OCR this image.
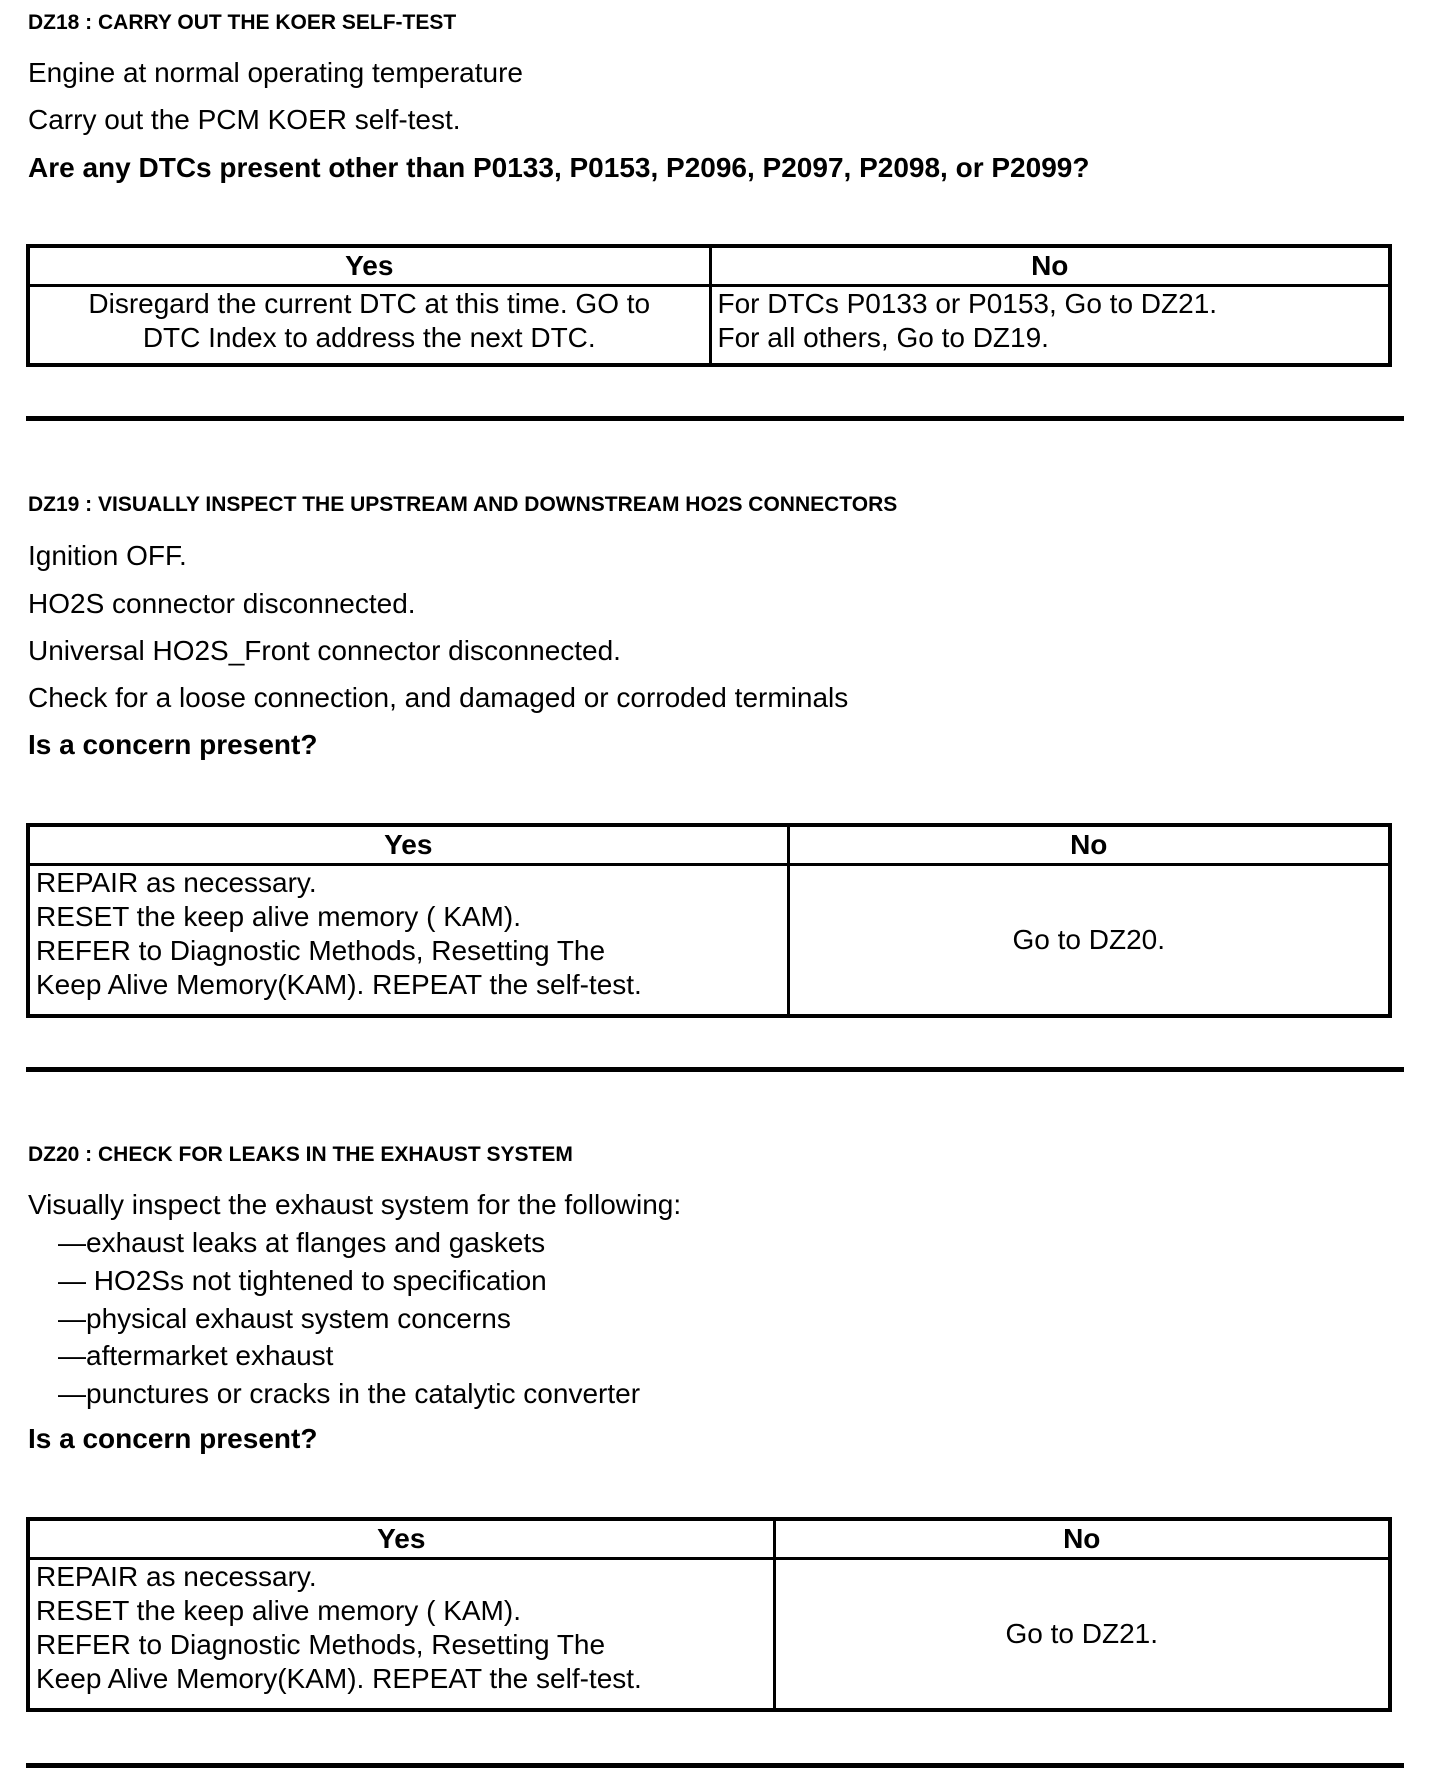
DZ18 : CARRY OUT THE KOER SELF-TEST
Engine at normal operating temperature
Carry out the PCM KOER self-test.
Are any DTCs present other than P0133, P0153, P2096, P2097, P2098, or P2099?
Yes	No

Disregard the current DTC at this time. GO to
DTC Index to address the next DTC.	For DTCs P0133 or P0153, Go to DZ21.
For all others, Go to DZ19.
DZ19 : VISUALLY INSPECT THE UPSTREAM AND DOWNSTREAM HO2S CONNECTORS
Ignition OFF.
HO2S connector disconnected.
Universal HO2S_Front connector disconnected.
Check for a loose connection, and damaged or corroded terminals
Is a concern present?
Yes	No

REPAIR as necessary.
RESET the keep alive memory ( KAM).
REFER to Diagnostic Methods, Resetting The
Keep Alive Memory(KAM). REPEAT the self-test.	Go to DZ20.
DZ20 : CHECK FOR LEAKS IN THE EXHAUST SYSTEM
Visually inspect the exhaust system for the following:
—exhaust leaks at flanges and gaskets
— HO2Ss not tightened to specification
—physical exhaust system concerns
—aftermarket exhaust
—punctures or cracks in the catalytic converter
Is a concern present?
Yes	No

REPAIR as necessary.
RESET the keep alive memory ( KAM).
REFER to Diagnostic Methods, Resetting The
Keep Alive Memory(KAM). REPEAT the self-test.	Go to DZ21.
